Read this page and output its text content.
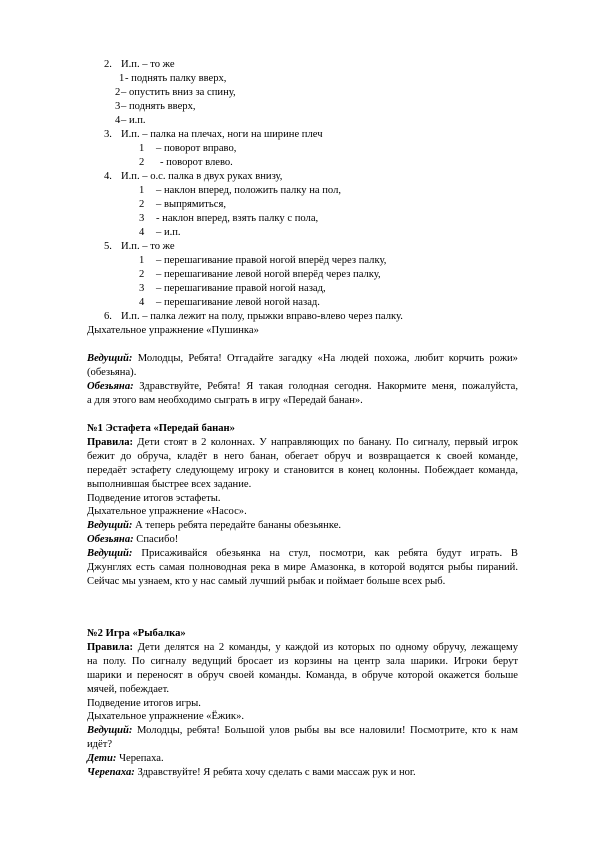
2. И.п. – то же
1 - поднять палку вверх,
2 – опустить вниз за спину,
3 – поднять вверх,
4 – и.п.
3. И.п. – палка на плечах, ноги на ширине плеч
1 – поворот вправо,
2 - поворот влево.
4. И.п. – о.с. палка в двух руках внизу,
1 – наклон вперед, положить палку на пол,
2 – выпрямиться,
3 - наклон вперед, взять палку с пола,
4 – и.п.
5. И.п. – то же
1 – перешагивание правой ногой вперёд через палку,
2 – перешагивание левой ногой вперёд через палку,
3 – перешагивание правой ногой назад,
4 – перешагивание левой ногой назад.
6. И.п. – палка лежит на полу, прыжки вправо-влево через палку.
Дыхательное упражнение «Пушинка»
Ведущий: Молодцы, Ребята! Отгадайте загадку «На людей похожа, любит корчить рожи»
(обезьяна).
Обезьяна: Здравствуйте, Ребята! Я такая голодная сегодня. Накормите меня, пожалуйста,
а для этого вам необходимо сыграть в игру «Передай банан».
№1 Эстафета «Передай банан»
Правила: Дети стоят в 2 колоннах. У направляющих по банану. По сигналу, первый игрок
бежит до обруча, кладёт в него банан, обегает обруч и возвращается к своей команде,
передаёт эстафету следующему игроку и становится в конец колонны. Побеждает команда,
выполнившая быстрее всех задание.
Подведение итогов эстафеты.
Дыхательное упражнение «Насос».
Ведущий: А теперь ребята передайте бананы обезьянке.
Обезьяна: Спасибо!
Ведущий: Присаживайся обезьянка на стул, посмотри, как ребята будут играть. В
Джунглях есть самая полноводная река в мире Амазонка, в которой водятся рыбы пираний.
Сейчас мы узнаем, кто у нас самый лучший рыбак и поймает больше всех рыб.
№2 Игра «Рыбалка»
Правила: Дети делятся на 2 команды, у каждой из которых по одному обручу, лежащему
на полу. По сигналу ведущий бросает из корзины на центр зала шарики. Игроки берут
шарики и переносят в обруч своей команды. Команда, в обруче которой окажется больше
мячей, побеждает.
Подведение итогов игры.
Дыхательное упражнение «Ёжик».
Ведущий: Молодцы, ребята! Большой улов рыбы вы все наловили! Посмотрите, кто к нам
идёт?
Дети: Черепаха.
Черепаха: Здравствуйте! Я ребята хочу сделать с вами массаж рук и ног.
